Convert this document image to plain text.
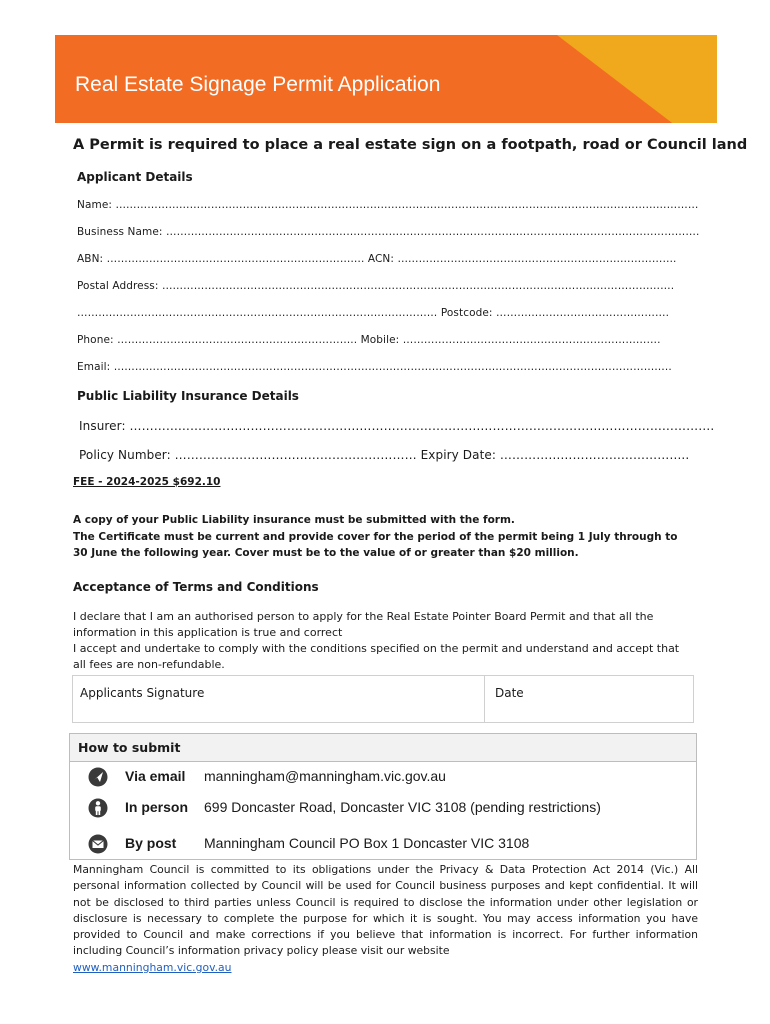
Real Estate Signage Permit Application
A Permit is required to place a real estate sign on a footpath, road or Council land
Applicant Details
Name: …………………………………………………………………………………………………………………………………………………
Business Name: …………………………………………………………………………………………………………………………………….
ABN: ………………………………………………………………. ACN: …………………………………………………………………….
Postal Address: ……………………………………………………………………………………………………………………………….
………………………………………………………………………………………… Postcode: ………………………………………….
Phone: ………………………………………………………….. Mobile: ……………………………………………………………….
Email: …………………………………………………………………………………………………………………………………………..
Public Liability Insurance Details
Insurer: ……………………………………………………………………………………………………………………………….
Policy Number: …………………………………………………… Expiry Date: ………………………………………..
FEE - 2024-2025 $692.10
A copy of your Public Liability insurance must be submitted with the form.
The Certificate must be current and provide cover for the period of the permit being 1 July through to 30 June the following year. Cover must be to the value of or greater than $20 million.
Acceptance of Terms and Conditions
I declare that I am an authorised person to apply for the Real Estate Pointer Board Permit and that all the information in this application is true and correct
I accept and undertake to comply with the conditions specified on the permit and understand and accept that all fees are non-refundable.
Applicants Signature	Date
How to submit
Via email manningham@manningham.vic.gov.au
In person 699 Doncaster Road, Doncaster VIC 3108 (pending restrictions)
By post Manningham Council PO Box 1 Doncaster VIC 3108
Manningham Council is committed to its obligations under the Privacy & Data Protection Act 2014 (Vic.) All personal information collected by Council will be used for Council business purposes and kept confidential. It will not be disclosed to third parties unless Council is required to disclose the information under other legislation or disclosure is necessary to complete the purpose for which it is sought. You may access information you have provided to Council and make corrections if you believe that information is incorrect. For further information including Council’s information privacy policy please visit our website
www.manningham.vic.gov.au
